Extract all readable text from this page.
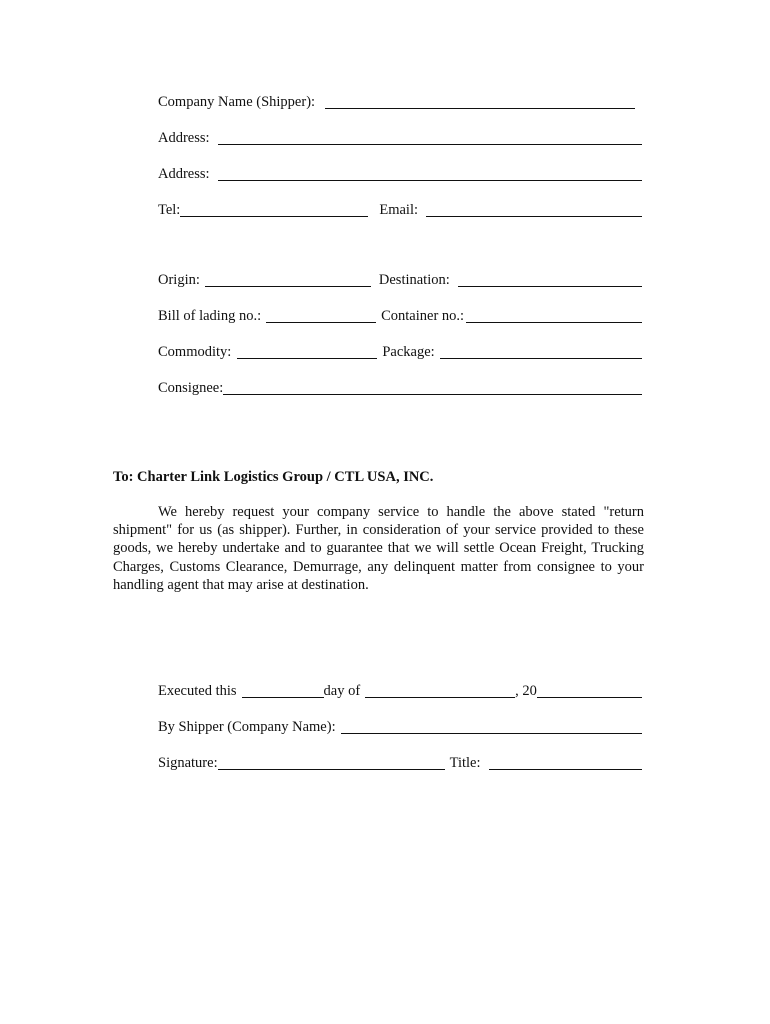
Company Name (Shipper):
Address:
Address:
Tel:	Email:
Origin:	Destination:
Bill of lading no.:	Container no.:
Commodity:	Package:
Consignee:
To: Charter Link Logistics Group / CTL USA, INC.
We hereby request your company service to handle the above stated "return shipment" for us (as shipper). Further, in consideration of your service provided to these goods, we hereby undertake and to guarantee that we will settle Ocean Freight, Trucking Charges, Customs Clearance, Demurrage, any delinquent matter from consignee to your handling agent that may arise at destination.
Executed this	day of	, 20
By Shipper (Company Name):
Signature:	Title:
